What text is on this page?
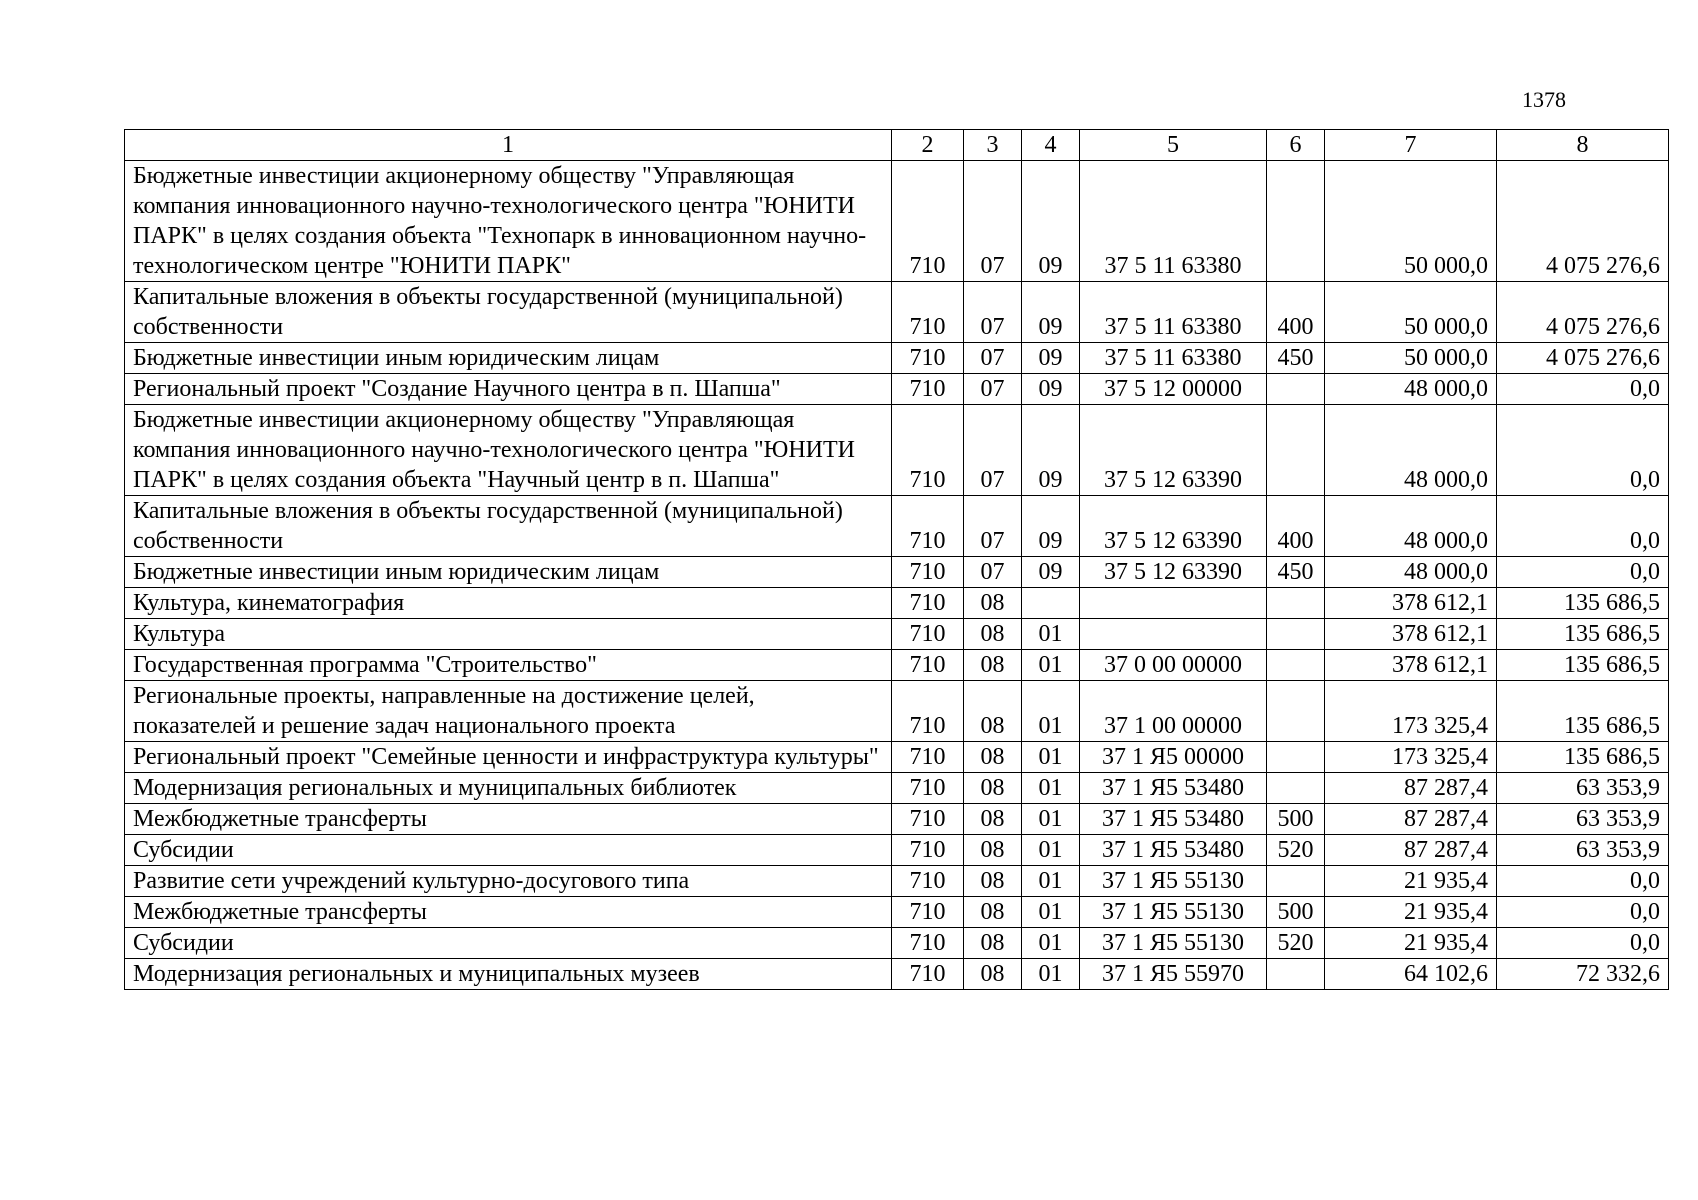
1378
1	2	3	4	5	6	7	8
Бюджетные инвестиции акционерному обществу "Управляющая компания инновационного научно-технологического центра "ЮНИТИ ПАРК" в целях создания объекта "Технопарк в инновационном научно-технологическом центре "ЮНИТИ ПАРК"	710	07	09	37 5 11 63380		50 000,0	4 075 276,6
Капитальные вложения в объекты государственной (муниципальной) собственности	710	07	09	37 5 11 63380	400	50 000,0	4 075 276,6
Бюджетные инвестиции иным юридическим лицам	710	07	09	37 5 11 63380	450	50 000,0	4 075 276,6
Региональный проект "Создание Научного центра в п. Шапша"	710	07	09	37 5 12 00000		48 000,0	0,0
Бюджетные инвестиции акционерному обществу "Управляющая компания инновационного научно-технологического центра "ЮНИТИ ПАРК" в целях создания объекта "Научный центр в п. Шапша"	710	07	09	37 5 12 63390		48 000,0	0,0
Капитальные вложения в объекты государственной (муниципальной) собственности	710	07	09	37 5 12 63390	400	48 000,0	0,0
Бюджетные инвестиции иным юридическим лицам	710	07	09	37 5 12 63390	450	48 000,0	0,0
Культура, кинематография	710	08				378 612,1	135 686,5
Культура	710	08	01			378 612,1	135 686,5
Государственная программа "Строительство"	710	08	01	37 0 00 00000		378 612,1	135 686,5
Региональные проекты, направленные на достижение целей, показателей и решение задач национального проекта	710	08	01	37 1 00 00000		173 325,4	135 686,5
Региональный проект "Семейные ценности и инфраструктура культуры"	710	08	01	37 1 Я5 00000		173 325,4	135 686,5
Модернизация региональных и муниципальных библиотек	710	08	01	37 1 Я5 53480		87 287,4	63 353,9
Межбюджетные трансферты	710	08	01	37 1 Я5 53480	500	87 287,4	63 353,9
Субсидии	710	08	01	37 1 Я5 53480	520	87 287,4	63 353,9
Развитие сети учреждений культурно-досугового типа	710	08	01	37 1 Я5 55130		21 935,4	0,0
Межбюджетные трансферты	710	08	01	37 1 Я5 55130	500	21 935,4	0,0
Субсидии	710	08	01	37 1 Я5 55130	520	21 935,4	0,0
Модернизация региональных и муниципальных музеев	710	08	01	37 1 Я5 55970		64 102,6	72 332,6
